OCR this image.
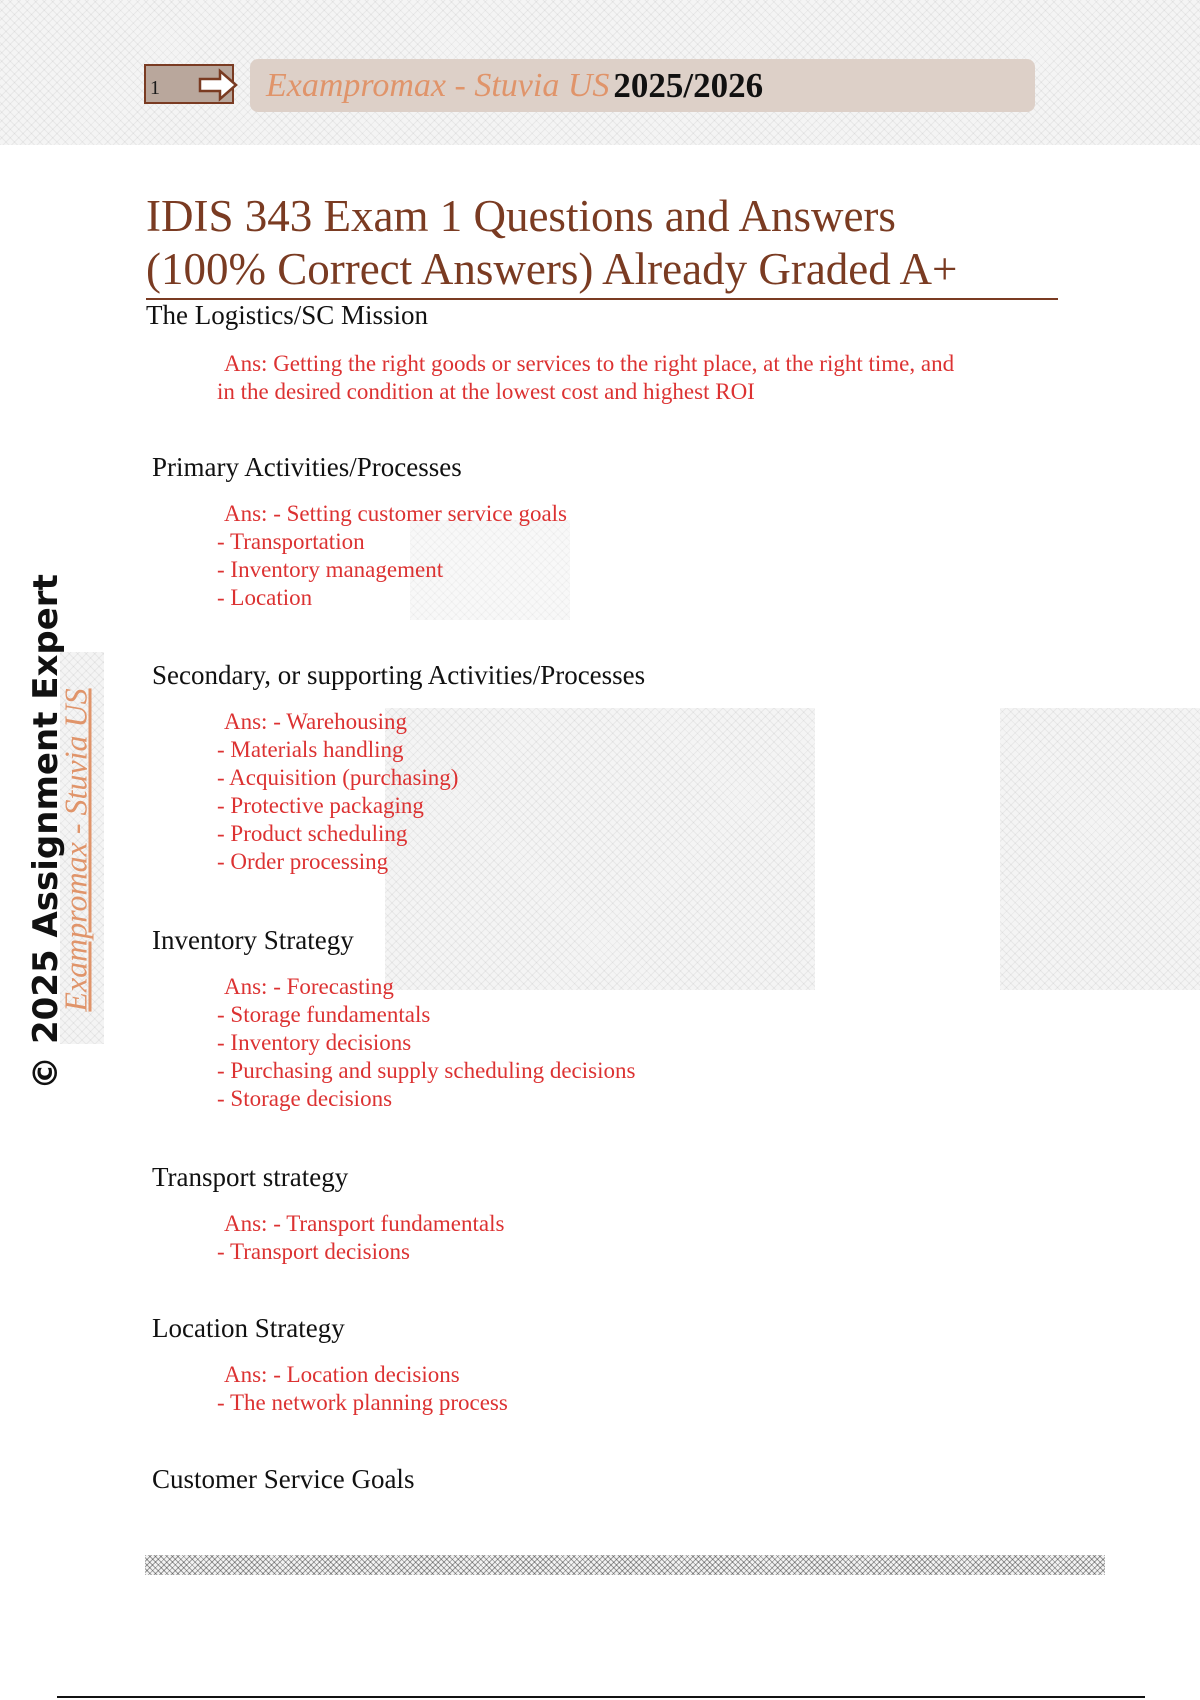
1	Exampromax - Stuvia US 2025/2026
© 2025 Assignment Expert
Exampromax - Stuvia US
IDIS 343 Exam 1 Questions and Answers
(100% Correct Answers) Already Graded A+
The Logistics/SC Mission
Ans: Getting the right goods or services to the right place, at the right time, and
in the desired condition at the lowest cost and highest ROI
Primary Activities/Processes
Ans: - Setting customer service goals
- Transportation
- Inventory management
- Location
Secondary, or supporting Activities/Processes
Ans: - Warehousing
- Materials handling
- Acquisition (purchasing)
- Protective packaging
- Product scheduling
- Order processing
Inventory Strategy
Ans: - Forecasting
- Storage fundamentals
- Inventory decisions
- Purchasing and supply scheduling decisions
- Storage decisions
Transport strategy
Ans: - Transport fundamentals
- Transport decisions
Location Strategy
Ans: - Location decisions
- The network planning process
Customer Service Goals
